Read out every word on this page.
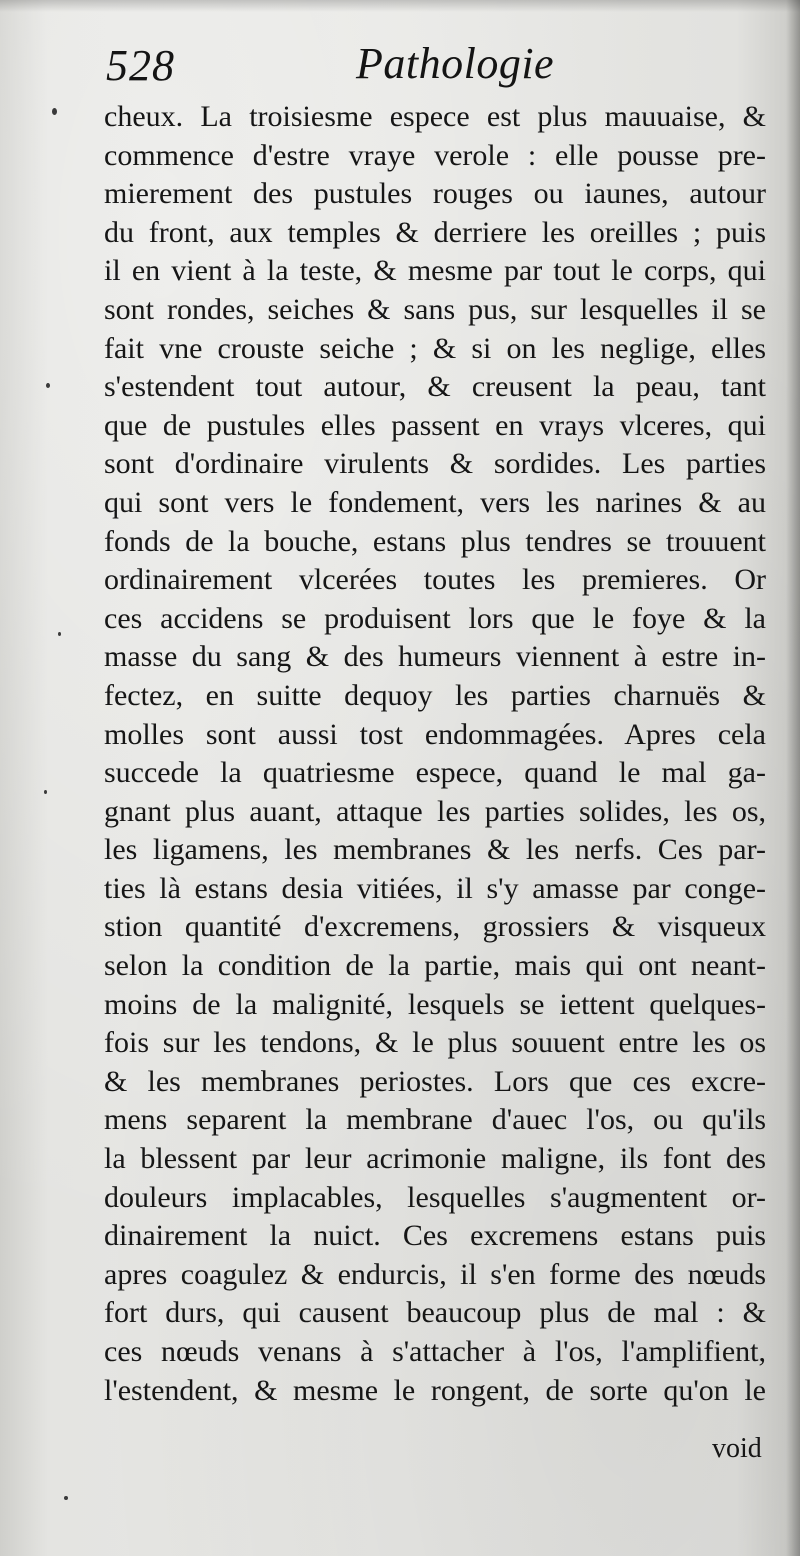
528	Pathologie
cheux. La troisiesme espece est plus mauuaise, &
commence d'estre vraye verole : elle pousse pre-
mierement des pustules rouges ou iaunes, autour
du front, aux temples & derriere les oreilles ; puis
il en vient à la teste, & mesme par tout le corps, qui
sont rondes, seiches & sans pus, sur lesquelles il se
fait vne crouste seiche ; & si on les neglige, elles
s'estendent tout autour, & creusent la peau, tant
que de pustules elles passent en vrays vlceres, qui
sont d'ordinaire virulents & sordides. Les parties
qui sont vers le fondement, vers les narines & au
fonds de la bouche, estans plus tendres se trouuent
ordinairement vlcerées toutes les premieres. Or
ces accidens se produisent lors que le foye & la
masse du sang & des humeurs viennent à estre in-
fectez, en suitte dequoy les parties charnuës &
molles sont aussi tost endommagées. Apres cela
succede la quatriesme espece, quand le mal ga-
gnant plus auant, attaque les parties solides, les os,
les ligamens, les membranes & les nerfs. Ces par-
ties là estans desia vitiées, il s'y amasse par conge-
stion quantité d'excremens, grossiers & visqueux
selon la condition de la partie, mais qui ont neant-
moins de la malignité, lesquels se iettent quelques-
fois sur les tendons, & le plus souuent entre les os
& les membranes periostes. Lors que ces excre-
mens separent la membrane d'auec l'os, ou qu'ils
la blessent par leur acrimonie maligne, ils font des
douleurs implacables, lesquelles s'augmentent or-
dinairement la nuict. Ces excremens estans puis
apres coagulez & endurcis, il s'en forme des nœuds
fort durs, qui causent beaucoup plus de mal : &
ces nœuds venans à s'attacher à l'os, l'amplifient,
l'estendent, & mesme le rongent, de sorte qu'on le
void
